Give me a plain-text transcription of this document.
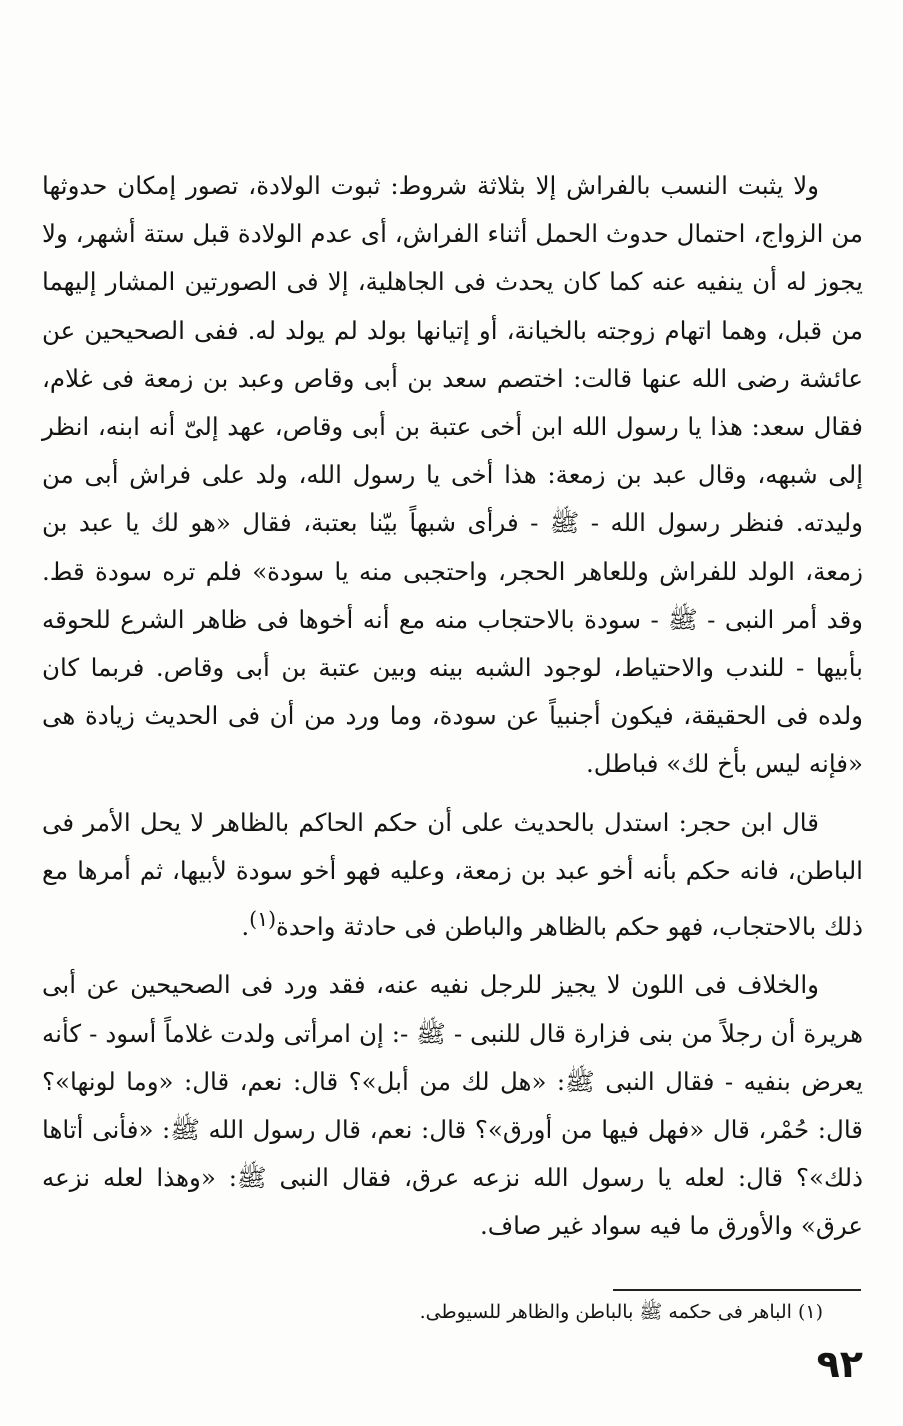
ولا يثبت النسب بالفراش إلا بثلاثة شروط: ثبوت الولادة، تصور إمكان حدوثها من الزواج، احتمال حدوث الحمل أثناء الفراش، أى عدم الولادة قبل ستة أشهر، ولا يجوز له أن ينفيه عنه كما كان يحدث فى الجاهلية، إلا فى الصورتين المشار إليهما من قبل، وهما اتهام زوجته بالخيانة، أو إتيانها بولد لم يولد له. ففى الصحيحين عن عائشة رضى الله عنها قالت: اختصم سعد بن أبى وقاص وعبد بن زمعة فى غلام، فقال سعد: هذا يا رسول الله ابن أخى عتبة بن أبى وقاص، عهد إلىّ أنه ابنه، انظر إلى شبهه، وقال عبد بن زمعة: هذا أخى يا رسول الله، ولد على فراش أبى من وليدته. فنظر رسول الله - ﷺ - فرأى شبهاً بيّنا بعتبة، فقال «هو لك يا عبد بن زمعة، الولد للفراش وللعاهر الحجر، واحتجبى منه يا سودة» فلم تره سودة قط. وقد أمر النبى - ﷺ - سودة بالاحتجاب منه مع أنه أخوها فى ظاهر الشرع للحوقه بأبيها - للندب والاحتياط، لوجود الشبه بينه وبين عتبة بن أبى وقاص. فربما كان ولده فى الحقيقة، فيكون أجنبياً عن سودة، وما ورد من أن فى الحديث زيادة هى «فإنه ليس بأخ لك» فباطل.

قال ابن حجر: استدل بالحديث على أن حكم الحاكم بالظاهر لا يحل الأمر فى الباطن، فانه حكم بأنه أخو عبد بن زمعة، وعليه فهو أخو سودة لأبيها، ثم أمرها مع ذلك بالاحتجاب، فهو حكم بالظاهر والباطن فى حادثة واحدة$^{(١)}$.

والخلاف فى اللون لا يجيز للرجل نفيه عنه، فقد ورد فى الصحيحين عن أبى هريرة أن رجلاً من بنى فزارة قال للنبى - ﷺ -: إن امرأتى ولدت غلاماً أسود - كأنه يعرض بنفيه - فقال النبى ﷺ: «هل لك من أبل»؟ قال: نعم، قال: «وما لونها»؟ قال: حُمْر، قال «فهل فيها من أورق»؟ قال: نعم، قال رسول الله ﷺ: «فأنى أتاها ذلك»؟ قال: لعله يا رسول الله نزعه عرق، فقال النبى ﷺ: «وهذا لعله نزعه عرق» والأورق ما فيه سواد غير صاف.

(١) الباهر فى حكمه ﷺ بالباطن والظاهر للسيوطى.
٩٢
